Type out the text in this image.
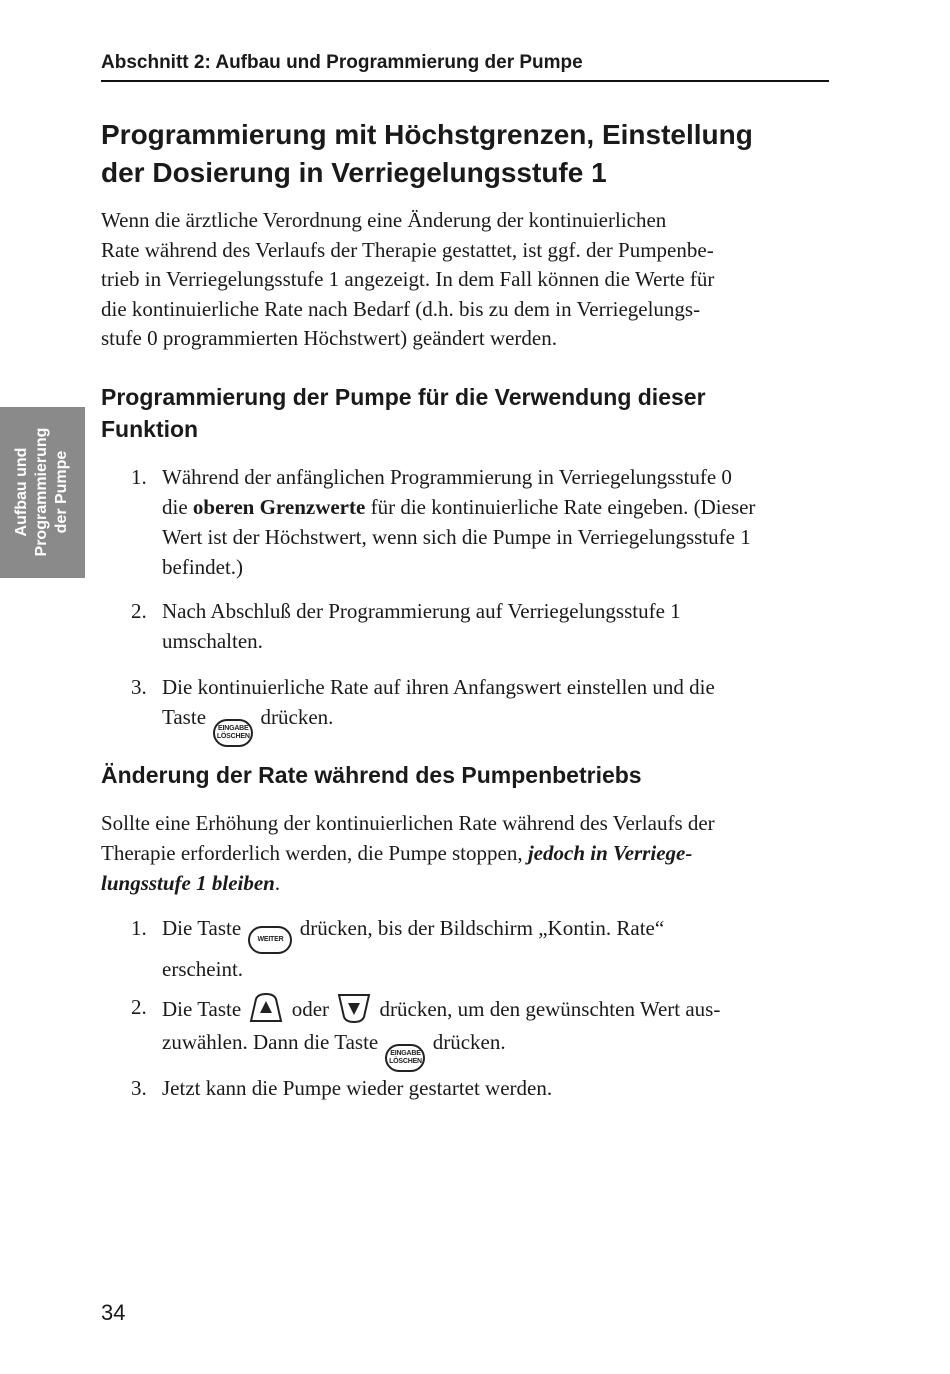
Abschnitt 2: Aufbau und Programmierung der Pumpe
Aufbau und Programmierung der Pumpe
Programmierung mit Höchstgrenzen, Einstellung
der Dosierung in Verriegelungsstufe 1

Wenn die ärztliche Verordnung eine Änderung der kontinuierlichen
Rate während des Verlaufs der Therapie gestattet, ist ggf. der Pumpenbe-
trieb in Verriegelungsstufe 1 angezeigt. In dem Fall können die Werte für
die kontinuierliche Rate nach Bedarf (d.h. bis zu dem in Verriegelungs-
stufe 0 programmierten Höchstwert) geändert werden.

Programmierung der Pumpe für die Verwendung dieser
Funktion
1. Während der anfänglichen Programmierung in Verriegelungsstufe 0
die oberen Grenzwerte für die kontinuierliche Rate eingeben. (Dieser
Wert ist der Höchstwert, wenn sich die Pumpe in Verriegelungsstufe 1
befindet.)
2. Nach Abschluß der Programmierung auf Verriegelungsstufe 1
umschalten.
3. Die kontinuierliche Rate auf ihren Anfangswert einstellen und die
Taste EINGABE
LÖSCHEN
drücken.
Änderung der Rate während des Pumpenbetriebs

Sollte eine Erhöhung der kontinuierlichen Rate während des Verlaufs der
Therapie erforderlich werden, die Pumpe stoppen, jedoch in Verriege-
lungsstufe 1 bleiben.

1. Die Taste WEITER drücken, bis der Bildschirm „Kontin. Rate“
erscheint.
2. Die Taste oder drücken, um den gewünschten Wert aus-
zuwählen. Dann die Taste EINGABE
LÖSCHEN
drücken.
3. Jetzt kann die Pumpe wieder gestartet werden.
34
